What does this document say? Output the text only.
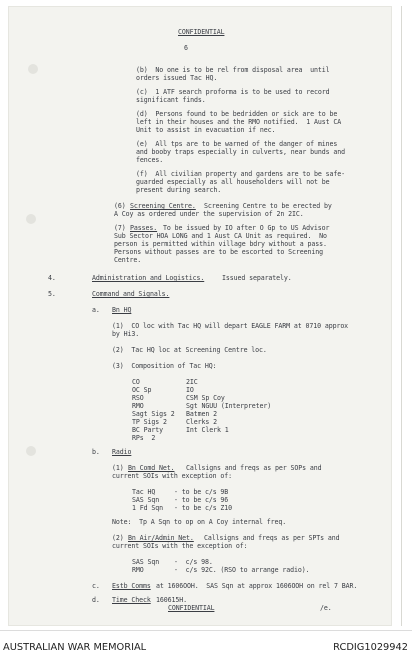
CONFIDENTIAL
6
(b)  No one is to be rel from disposal area  until
orders issued Tac HQ.
(c)  1 ATF search proforma is to be used to record
significant finds.
(d)  Persons found to be bedridden or sick are to be
left in their houses and the RMO notified.  1 Aust CA
Unit to assist in evacuation if nec.
(e)  All tps are to be warned of the danger of mines
and booby traps especially in culverts, near bunds and
fences.
(f)  All civilian property and gardens are to be safe-
guarded especially as all householders will not be
present during search.
(6) Screening Centre. Screening Centre to be erected by
A Coy as ordered under the supervision of 2n 2IC.
(7) Passes. To be issued by IO after O Gp to US Advisor
Sub Sector HOA LONG and 1 Aust CA Unit as required.  No
person is permitted within village bdry without a pass.
Persons without passes are to be escorted to Screening
Centre.
4.	Administration and Logistics.	Issued separately.
5.	Command and Signals.
a. Bn HQ
(1)  CO loc with Tac HQ will depart EAGLE FARM at 0710 approx
by Hi3.
(2)  Tac HQ loc at Screening Centre loc.
(3)  Composition of Tac HQ:
CO	2IC
OC Sp	IO
RSO	CSM Sp Coy
RMO	Sgt NGUU (Interpreter)
Sagt Sigs 2 Batmen 2
TP Sigs 2	Clerks 2
BC Party	Int Clerk 1
RPs  2
b. Radio
(1) Bn Comd Net. Callsigns and freqs as per SOPs and
current SOIs with exception of:
Tac HQ	- to be c/s 9B
SAS Sqn - to be c/s 96
1 Fd Sqn - to be c/s Z10
Note:  Tp A Sqn to op on A Coy internal freq.
(2) Bn Air/Admin Net. Callsigns and freqs as per SPTs and
current SOIs with the exception of:
SAS Sqn -  c/s 98.
RMO	-  c/s 92C. (RSO to arrange radio).
c. Estb Comms at 1606OOH.  SAS Sqn at approx 1606OOH on rel 7 BAR.
d. Time Check 160615H.
CONFIDENTIAL	/e.
AUSTRALIAN WAR MEMORIAL	RCDIG1029942
